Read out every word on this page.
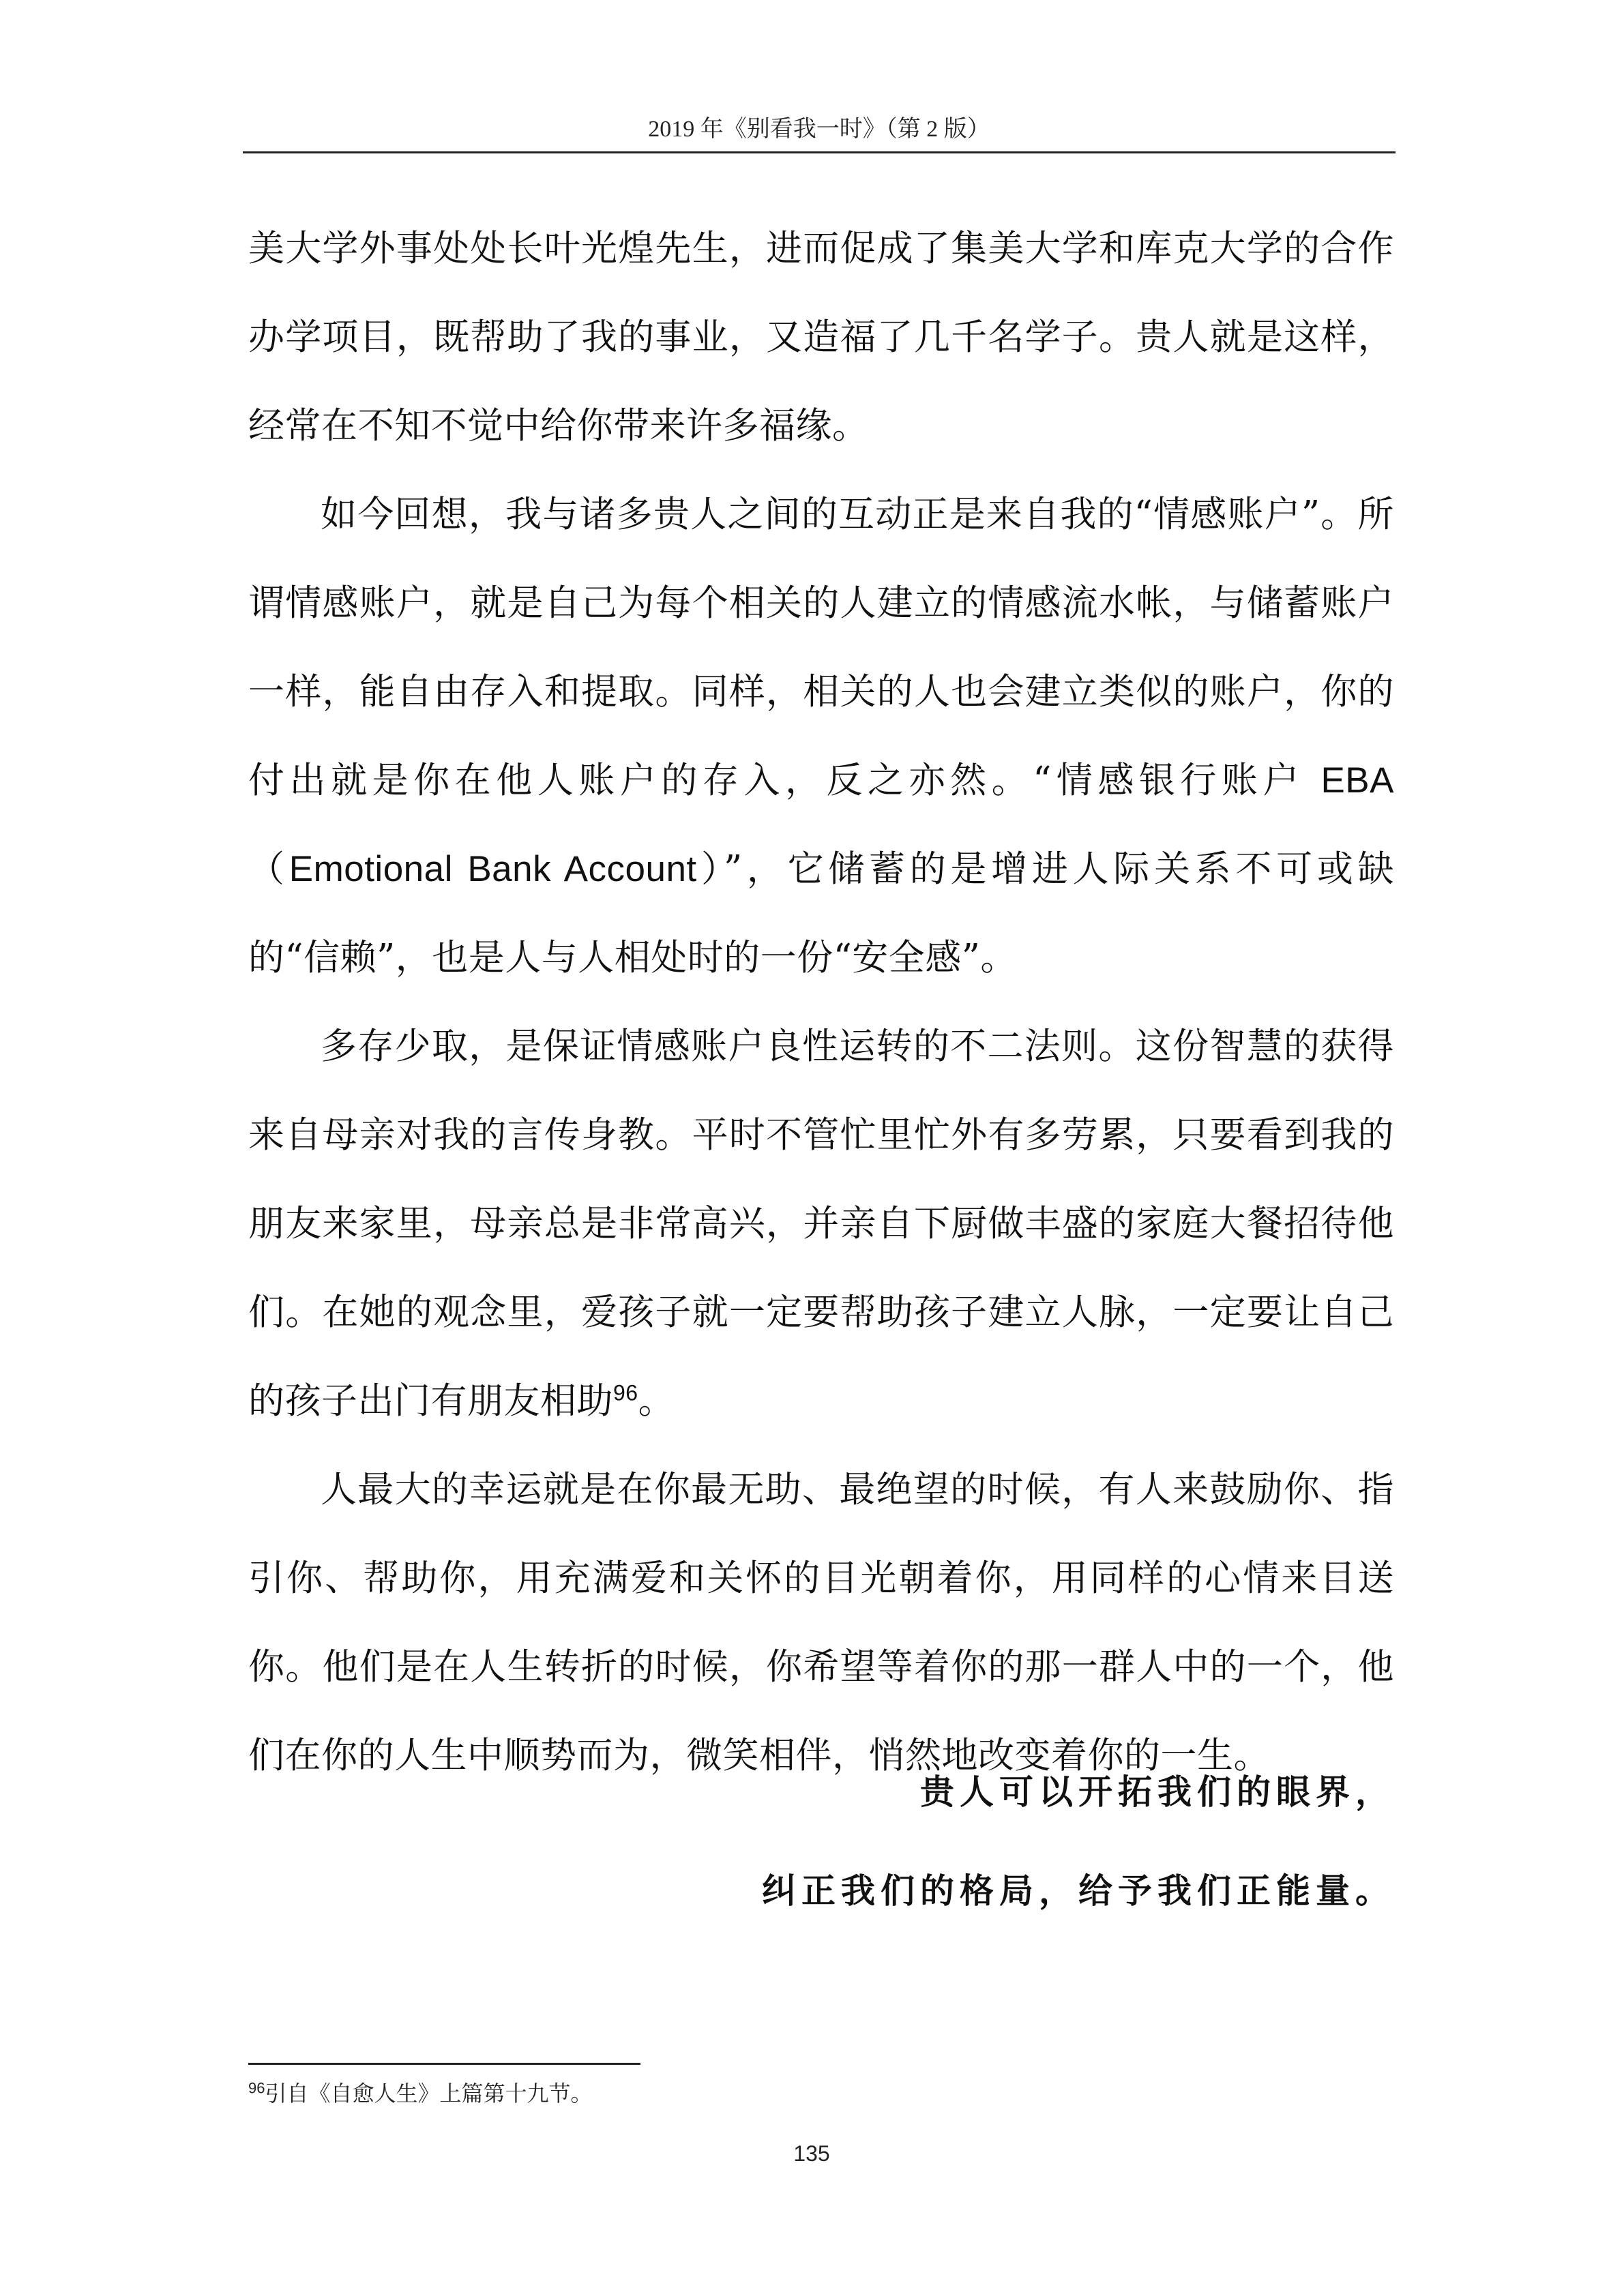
2019 年《别看我一时》（第 2 版）

美大学外事处处长叶光煌先生，进而促成了集美大学和库克大学的合作办学项目，既帮助了我的事业，又造福了几千名学子。贵人就是这样，经常在不知不觉中给你带来许多福缘。

如今回想，我与诸多贵人之间的互动正是来自我的“情感账户”。所谓情感账户，就是自己为每个相关的人建立的情感流水帐，与储蓄账户一样，能自由存入和提取。同样，相关的人也会建立类似的账户，你的付出就是你在他人账户的存入，反之亦然。“情感银行账户 EBA（Emotional Bank Account）”，它储蓄的是增进人际关系不可或缺的“信赖”，也是人与人相处时的一份“安全感”。

多存少取，是保证情感账户良性运转的不二法则。这份智慧的获得来自母亲对我的言传身教。平时不管忙里忙外有多劳累，只要看到我的朋友来家里，母亲总是非常高兴，并亲自下厨做丰盛的家庭大餐招待他们。在她的观念里，爱孩子就一定要帮助孩子建立人脉，一定要让自己的孩子出门有朋友相助$^{96}$。

人最大的幸运就是在你最无助、最绝望的时候，有人来鼓励你、指引你、帮助你，用充满爱和关怀的目光朝着你，用同样的心情来目送你。他们是在人生转折的时候，你希望等着你的那一群人中的一个，他们在你的人生中顺势而为，微笑相伴，悄然地改变着你的一生。

贵人可以开拓我们的眼界，
纠正我们的格局，给予我们正能量。
$^{96}$引自《自愈人生》上篇第十九节。
135
